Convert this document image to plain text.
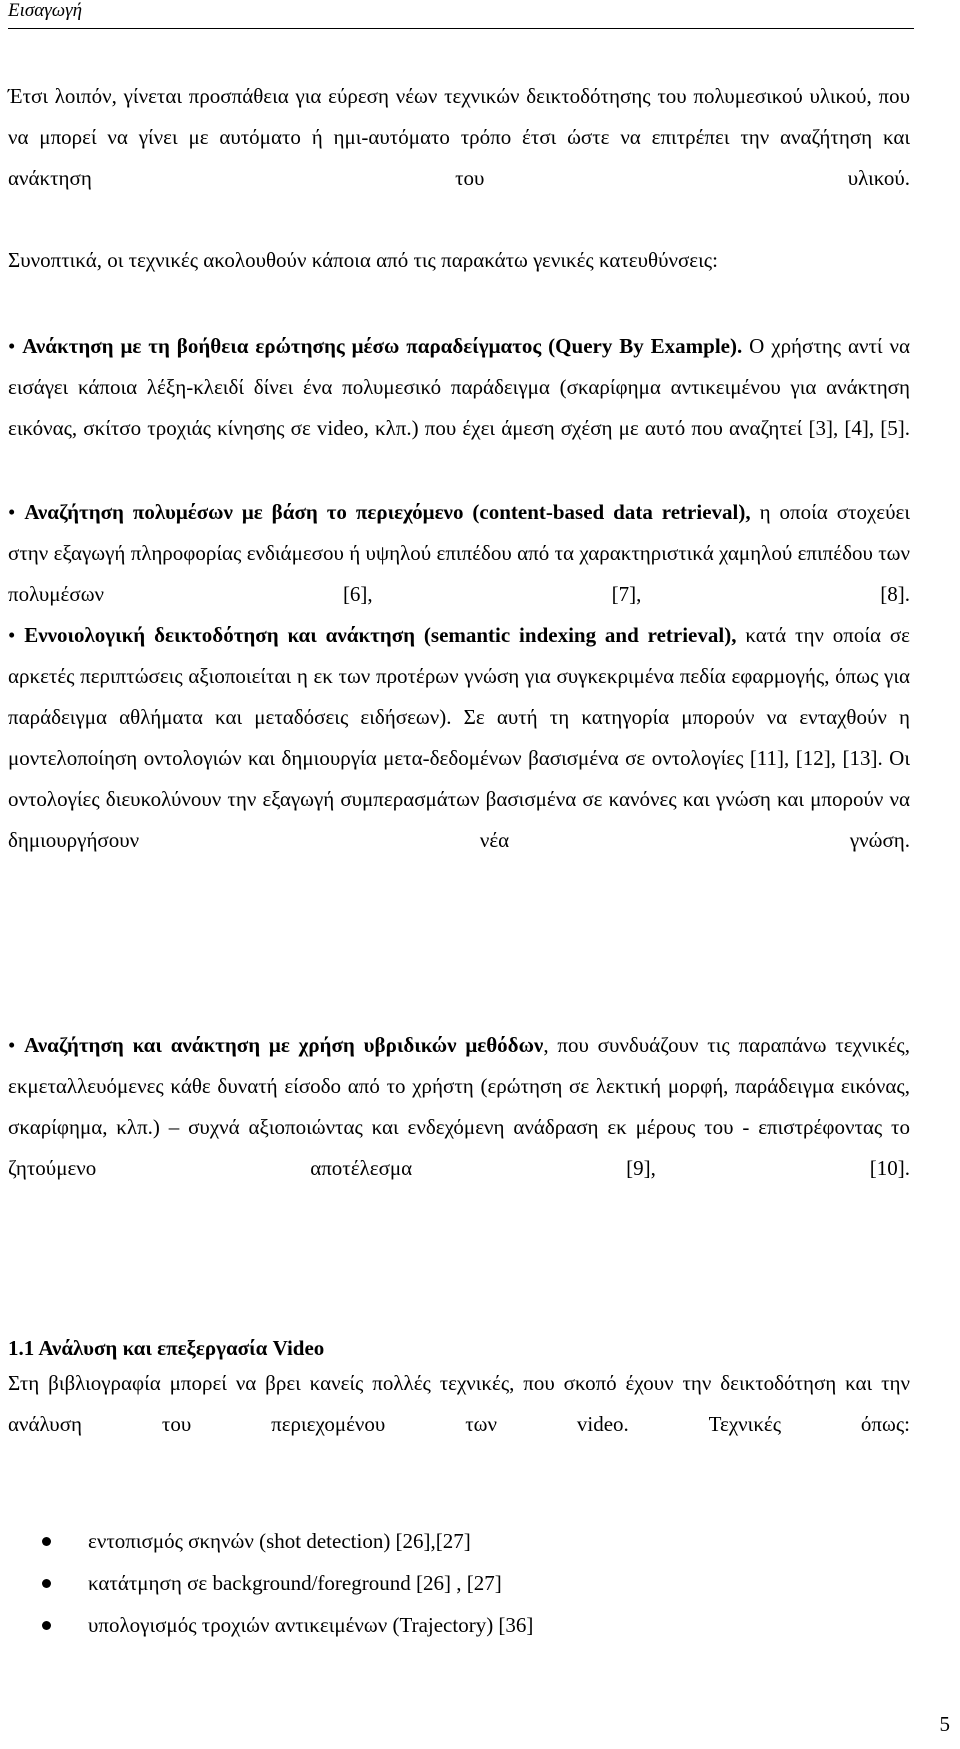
Εισαγωγή

Έτσι λοιπόν, γίνεται προσπάθεια για εύρεση νέων τεχνικών δεικτοδότησης του πολυμεσικού υλικού, που να μπορεί να γίνει με αυτόματο ή ημι-αυτόματο τρόπο έτσι ώστε να επιτρέπει την αναζήτηση και ανάκτηση του υλικού.

Συνοπτικά, οι τεχνικές ακολουθούν κάποια από τις παρακάτω γενικές κατευθύνσεις:

• Ανάκτηση με τη βοήθεια ερώτησης μέσω παραδείγματος (Query By Example). Ο χρήστης αντί να εισάγει κάποια λέξη-κλειδί δίνει ένα πολυμεσικό παράδειγμα (σκαρίφημα αντικειμένου για ανάκτηση εικόνας, σκίτσο τροχιάς κίνησης σε video, κλπ.) που έχει άμεση σχέση με αυτό που αναζητεί [3], [4], [5].

• Αναζήτηση πολυμέσων με βάση το περιεχόμενο (content-based data retrieval), η οποία στοχεύει στην εξαγωγή πληροφορίας ενδιάμεσου ή υψηλού επιπέδου από τα χαρακτηριστικά χαμηλού επιπέδου των πολυμέσων [6], [7], [8].

• Εννοιολογική δεικτοδότηση και ανάκτηση (semantic indexing and retrieval), κατά την οποία σε αρκετές περιπτώσεις αξιοποιείται η εκ των προτέρων γνώση για συγκεκριμένα πεδία εφαρμογής, όπως για παράδειγμα αθλήματα και μεταδόσεις ειδήσεων). Σε αυτή τη κατηγορία μπορούν να ενταχθούν η μοντελοποίηση οντολογιών και δημιουργία μετα-δεδομένων βασισμένα σε οντολογίες [11], [12], [13]. Οι οντολογίες διευκολύνουν την εξαγωγή συμπερασμάτων βασισμένα σε κανόνες και γνώση και μπορούν να δημιουργήσουν νέα γνώση.

• Αναζήτηση και ανάκτηση με χρήση υβριδικών μεθόδων, που συνδυάζουν τις παραπάνω τεχνικές, εκμεταλλευόμενες κάθε δυνατή είσοδο από το χρήστη (ερώτηση σε λεκτική μορφή, παράδειγμα εικόνας, σκαρίφημα, κλπ.) – συχνά αξιοποιώντας και ενδεχόμενη ανάδραση εκ μέρους του - επιστρέφοντας το ζητούμενο αποτέλεσμα [9], [10].

1.1 Ανάλυση και επεξεργασία Video

Στη βιβλιογραφία μπορεί να βρει κανείς πολλές τεχνικές, που σκοπό έχουν την δεικτοδότηση και την ανάλυση του περιεχομένου των video. Τεχνικές όπως:

εντοπισμός σκηνών (shot detection) [26],[27]
κατάτμηση σε background/foreground [26] , [27]
υπολογισμός τροχιών αντικειμένων (Trajectory) [36]
5
